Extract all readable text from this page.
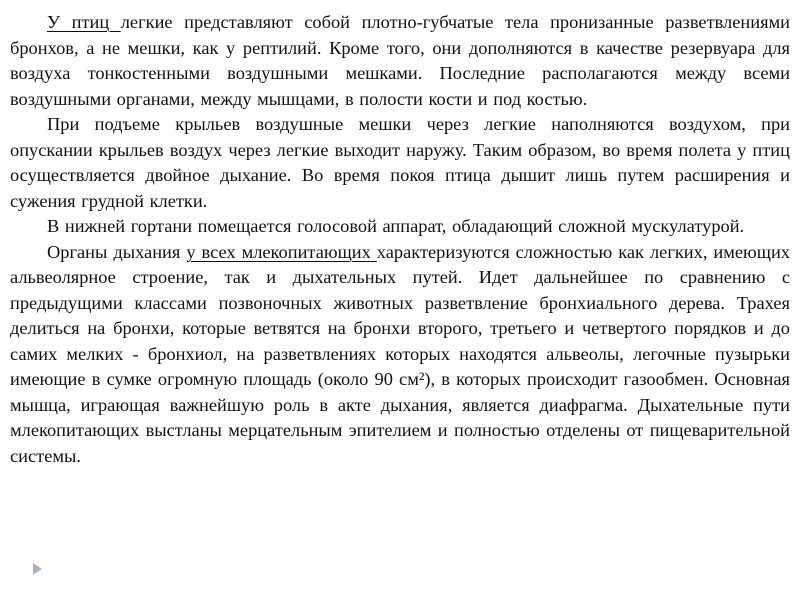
У птиц легкие представляют собой плотно-губчатые тела пронизанные разветвлениями бронхов, а не мешки, как у рептилий. Кроме того, они дополняются в качестве резервуара для воздуха тонкостенными воздушными мешками. Последние располагаются между всеми воздушными органами, между мышцами, в полости кости и под костью.

При подъеме крыльев воздушные мешки через легкие наполняются воздухом, при опускании крыльев воздух через легкие выходит наружу. Таким образом, во время полета у птиц осуществляется двойное дыхание. Во время покоя птица дышит лишь путем расширения и сужения грудной клетки.

В нижней гортани помещается голосовой аппарат, обладающий сложной мускулатурой.

Органы дыхания у всех млекопитающих характеризуются сложностью как легких, имеющих альвеолярное строение, так и дыхательных путей. Идет дальнейшее по сравнению с предыдущими классами позвоночных животных разветвление бронхиального дерева. Трахея делиться на бронхи, которые ветвятся на бронхи второго, третьего и четвертого порядков и до самих мелких - бронхиол, на разветвлениях которых находятся альвеолы, легочные пузырьки имеющие в сумке огромную площадь (около 90 см²), в которых происходит газообмен. Основная мышца, играющая важнейшую роль в акте дыхания, является диафрагма. Дыхательные пути млекопитающих выстланы мерцательным эпителием и полностью отделены от пищеварительной системы.
